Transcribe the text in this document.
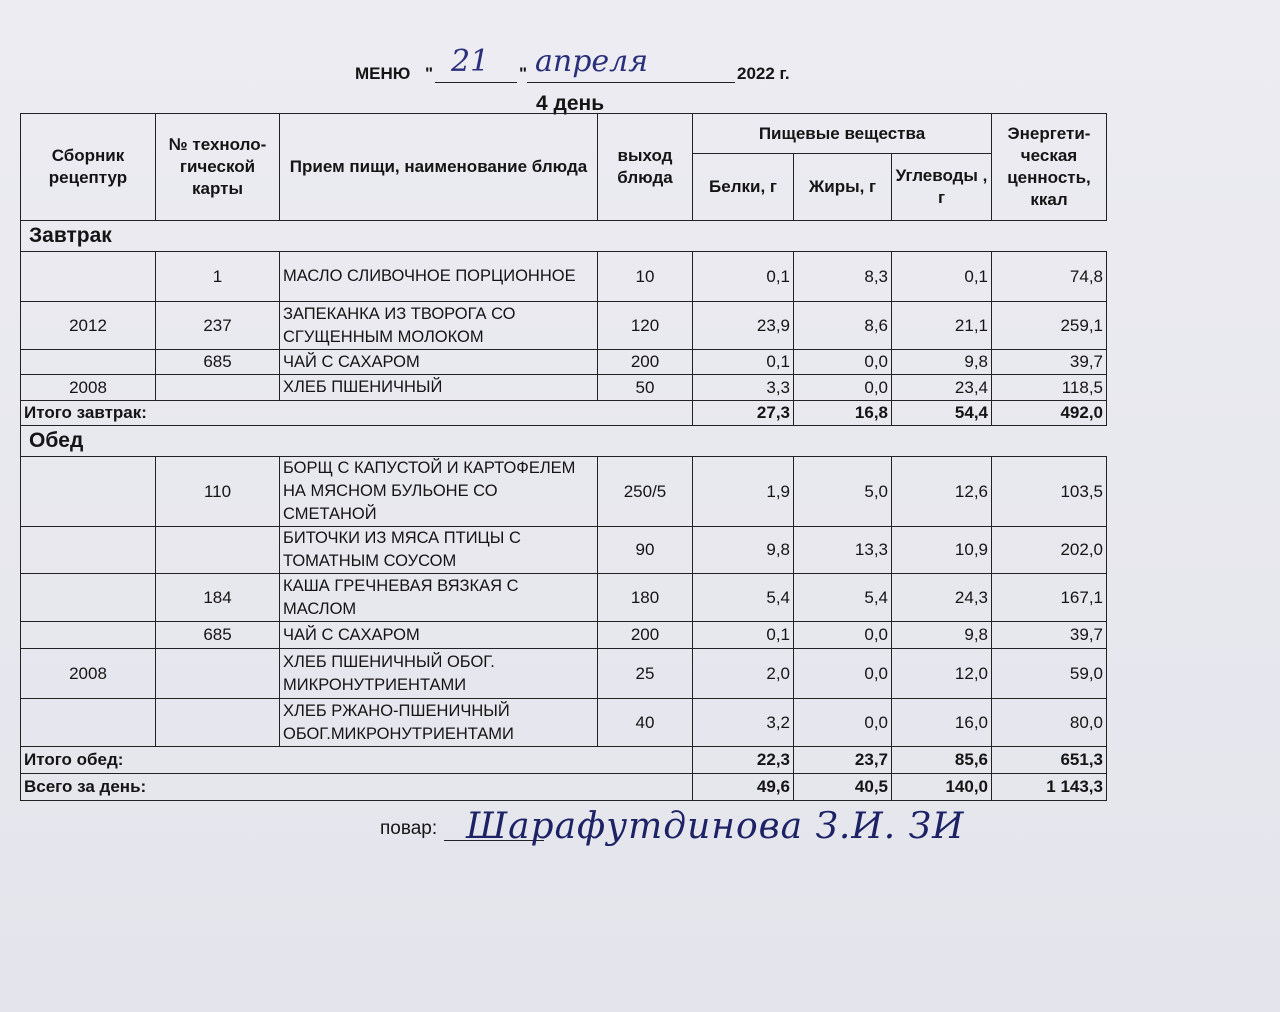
МЕНЮ " 21 " апреля	2022 г.
4 день
Сборник рецептур	№ техноло-гической карты	Прием пищи, наименование блюда	выход блюда	Пищевые вещества			Энергети-ческая ценность, ккал
				Белки, г	Жиры, г	Углеводы , г	
Завтрак							
	1	МАСЛО СЛИВОЧНОЕ ПОРЦИОННОЕ	10	0,1	8,3	0,1	74,8
2012	237	ЗАПЕКАНКА ИЗ ТВОРОГА СО СГУЩЕННЫМ МОЛОКОМ	120	23,9	8,6	21,1	259,1
	685	ЧАЙ С САХАРОМ	200	0,1	0,0	9,8	39,7
2008		ХЛЕБ ПШЕНИЧНЫЙ	50	3,3	0,0	23,4	118,5
Итого завтрак:				27,3	16,8	54,4	492,0
Обед							
	110	БОРЩ С КАПУСТОЙ И КАРТОФЕЛЕМ НА МЯСНОМ БУЛЬОНЕ СО СМЕТАНОЙ	250/5	1,9	5,0	12,6	103,5
		БИТОЧКИ ИЗ МЯСА ПТИЦЫ С ТОМАТНЫМ СОУСОМ	90	9,8	13,3	10,9	202,0
	184	КАША ГРЕЧНЕВАЯ ВЯЗКАЯ С МАСЛОМ	180	5,4	5,4	24,3	167,1
	685	ЧАЙ С САХАРОМ	200	0,1	0,0	9,8	39,7
2008		ХЛЕБ ПШЕНИЧНЫЙ ОБОГ. МИКРОНУТРИЕНТАМИ	25	2,0	0,0	12,0	59,0
		ХЛЕБ РЖАНО-ПШЕНИЧНЫЙ ОБОГ.МИКРОНУТРИЕНТАМИ	40	3,2	0,0	16,0	80,0
Итого обед:				22,3	23,7	85,6	651,3
Всего за день:				49,6	40,5	140,0	1 143,3
повар: Шарафутдинова З.И. ЗИ
